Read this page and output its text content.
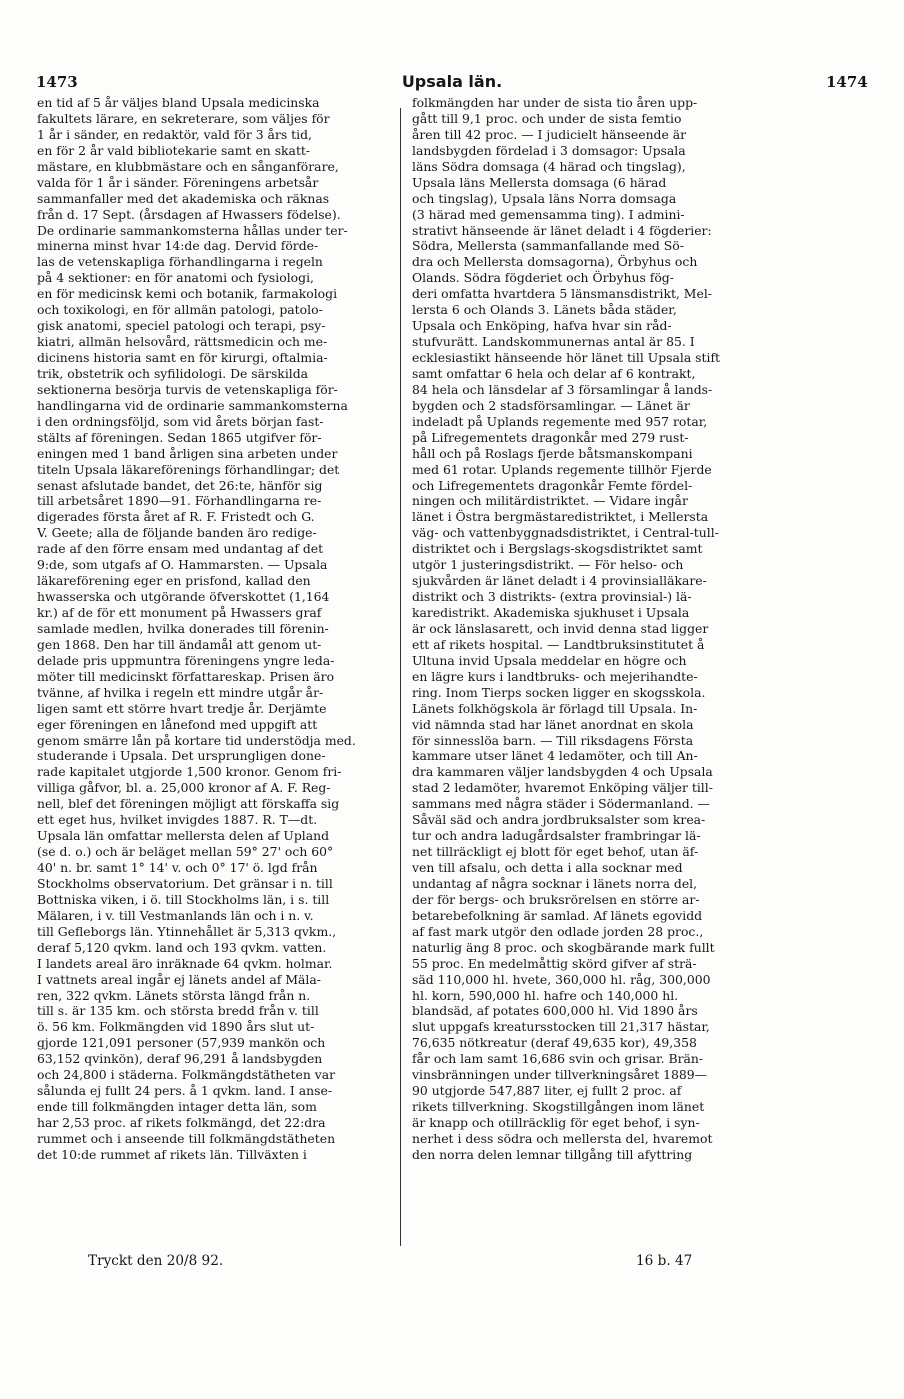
1473	Upsala län.	1474
en tid af 5 år väljes bland Upsala medicinska
fakultets lärare, en sekreterare, som väljes för
1 år i sänder, en redaktör, vald för 3 års tid,
en för 2 år vald bibliotekarie samt en skatt-
mästare, en klubbmästare och en sånganförare,
valda för 1 år i sänder. Föreningens arbetsår
sammanfaller med det akademiska och räknas
från d. 17 Sept. (årsdagen af Hwassers födelse).
De ordinarie sammankomsterna hållas under ter-
minerna minst hvar 14:de dag. Dervid förde-
las de vetenskapliga förhandlingarna i regeln
på 4 sektioner: en för anatomi och fysiologi,
en för medicinsk kemi och botanik, farmakologi
och toxikologi, en för allmän patologi, patolo-
gisk anatomi, speciel patologi och terapi, psy-
kiatri, allmän helsovård, rättsmedicin och me-
dicinens historia samt en för kirurgi, oftalmia-
trik, obstetrik och syfilidologi. De särskilda
sektionerna besörja turvis de vetenskapliga för-
handlingarna vid de ordinarie sammankomsterna
i den ordningsföljd, som vid årets början fast-
stälts af föreningen. Sedan 1865 utgifver för-
eningen med 1 band årligen sina arbeten under
titeln Upsala läkareförenings förhandlingar; det
senast afslutade bandet, det 26:te, hänför sig
till arbetsåret 1890—91. Förhandlingarna re-
digerades första året af R. F. Fristedt och G.
V. Geete; alla de följande banden äro redige-
rade af den förre ensam med undantag af det
9:de, som utgafs af O. Hammarsten. — Upsala
läkareförening eger en prisfond, kallad den
hwasserska och utgörande öfverskottet (1,164
kr.) af de för ett monument på Hwassers graf
samlade medlen, hvilka donerades till förenin-
gen 1868. Den har till ändamål att genom ut-
delade pris uppmuntra föreningens yngre leda-
möter till medicinskt författareskap. Prisen äro
tvänne, af hvilka i regeln ett mindre utgår år-
ligen samt ett större hvart tredje år. Derjämte
eger föreningen en lånefond med uppgift att
genom smärre lån på kortare tid understödja med.
studerande i Upsala. Det ursprungligen done-
rade kapitalet utgjorde 1,500 kronor. Genom fri-
villiga gåfvor, bl. a. 25,000 kronor af A. F. Reg-
nell, blef det föreningen möjligt att förskaffa sig
ett eget hus, hvilket invigdes 1887. R. T—dt.
Upsala län omfattar mellersta delen af Upland
(se d. o.) och är beläget mellan 59° 27' och 60°
40' n. br. samt 1° 14' v. och 0° 17' ö. lgd från
Stockholms observatorium. Det gränsar i n. till
Bottniska viken, i ö. till Stockholms län, i s. till
Mälaren, i v. till Vestmanlands län och i n. v.
till Gefleborgs län. Ytinnehållet är 5,313 qvkm.,
deraf 5,120 qvkm. land och 193 qvkm. vatten.
I landets areal äro inräknade 64 qvkm. holmar.
I vattnets areal ingår ej länets andel af Mäla-
ren, 322 qvkm. Länets största längd från n.
till s. är 135 km. och största bredd från v. till
ö. 56 km. Folkmängden vid 1890 års slut ut-
gjorde 121,091 personer (57,939 mankön och
63,152 qvinkön), deraf 96,291 å landsbygden
och 24,800 i städerna. Folkmängdstätheten var
sålunda ej fullt 24 pers. å 1 qvkm. land. I anse-
ende till folkmängden intager detta län, som
har 2,53 proc. af rikets folkmängd, det 22:dra
rummet och i anseende till folkmängdstätheten
det 10:de rummet af rikets län. Tillväxten i
folkmängden har under de sista tio åren upp-
gått till 9,1 proc. och under de sista femtio
åren till 42 proc. — I judicielt hänseende är
landsbygden fördelad i 3 domsagor: Upsala
läns Södra domsaga (4 härad och tingslag),
Upsala läns Mellersta domsaga (6 härad
och tingslag), Upsala läns Norra domsaga
(3 härad med gemensamma ting). I admini-
strativt hänseende är länet deladt i 4 fögderier:
Södra, Mellersta (sammanfallande med Sö-
dra och Mellersta domsagorna), Örbyhus och
Olands. Södra fögderiet och Örbyhus fög-
deri omfatta hvartdera 5 länsmansdistrikt, Mel-
lersta 6 och Olands 3. Länets båda städer,
Upsala och Enköping, hafva hvar sin råd-
stufvurätt. Landskommunernas antal är 85. I
ecklesiastikt hänseende hör länet till Upsala stift
samt omfattar 6 hela och delar af 6 kontrakt,
84 hela och länsdelar af 3 församlingar å lands-
bygden och 2 stadsförsamlingar. — Länet är
indeladt på Uplands regemente med 957 rotar,
på Lifregementets dragonkår med 279 rust-
håll och på Roslags fjerde båtsmanskompani
med 61 rotar. Uplands regemente tillhör Fjerde
och Lifregementets dragonkår Femte fördel-
ningen och militärdistriktet. — Vidare ingår
länet i Östra bergmästaredistriktet, i Mellersta
väg- och vattenbyggnadsdistriktet, i Central-tull-
distriktet och i Bergslags-skogsdistriktet samt
utgör 1 justeringsdistrikt. — För helso- och
sjukvården är länet deladt i 4 provinsialläkare-
distrikt och 3 distrikts- (extra provinsial-) lä-
karedistrikt. Akademiska sjukhuset i Upsala
är ock länslasarett, och invid denna stad ligger
ett af rikets hospital. — Landtbruksinstitutet å
Ultuna invid Upsala meddelar en högre och
en lägre kurs i landtbruks- och mejerihandte-
ring. Inom Tierps socken ligger en skogsskola.
Länets folkhögskola är förlagd till Upsala. In-
vid nämnda stad har länet anordnat en skola
för sinnesslöa barn. — Till riksdagens Första
kammare utser länet 4 ledamöter, och till An-
dra kammaren väljer landsbygden 4 och Upsala
stad 2 ledamöter, hvaremot Enköping väljer till-
sammans med några städer i Södermanland. —
Såväl säd och andra jordbruksalster som krea-
tur och andra ladugårdsalster frambringar lä-
net tillräckligt ej blott för eget behof, utan äf-
ven till afsalu, och detta i alla socknar med
undantag af några socknar i länets norra del,
der för bergs- och bruksrörelsen en större ar-
betarebefolkning är samlad. Af länets egovidd
af fast mark utgör den odlade jorden 28 proc.,
naturlig äng 8 proc. och skogbärande mark fullt
55 proc. En medelmåttig skörd gifver af strä-
säd 110,000 hl. hvete, 360,000 hl. råg, 300,000
hl. korn, 590,000 hl. hafre och 140,000 hl.
blandsäd, af potates 600,000 hl. Vid 1890 års
slut uppgafs kreatursstocken till 21,317 hästar,
76,635 nötkreatur (deraf 49,635 kor), 49,358
får och lam samt 16,686 svin och grisar. Brän-
vinsbränningen under tillverkningsåret 1889—
90 utgjorde 547,887 liter, ej fullt 2 proc. af
rikets tillverkning. Skogstillgången inom länet
är knapp och otillräcklig för eget behof, i syn-
nerhet i dess södra och mellersta del, hvaremot
den norra delen lemnar tillgång till afyttring
Tryckt den 20/8 92.	16 b. 47
